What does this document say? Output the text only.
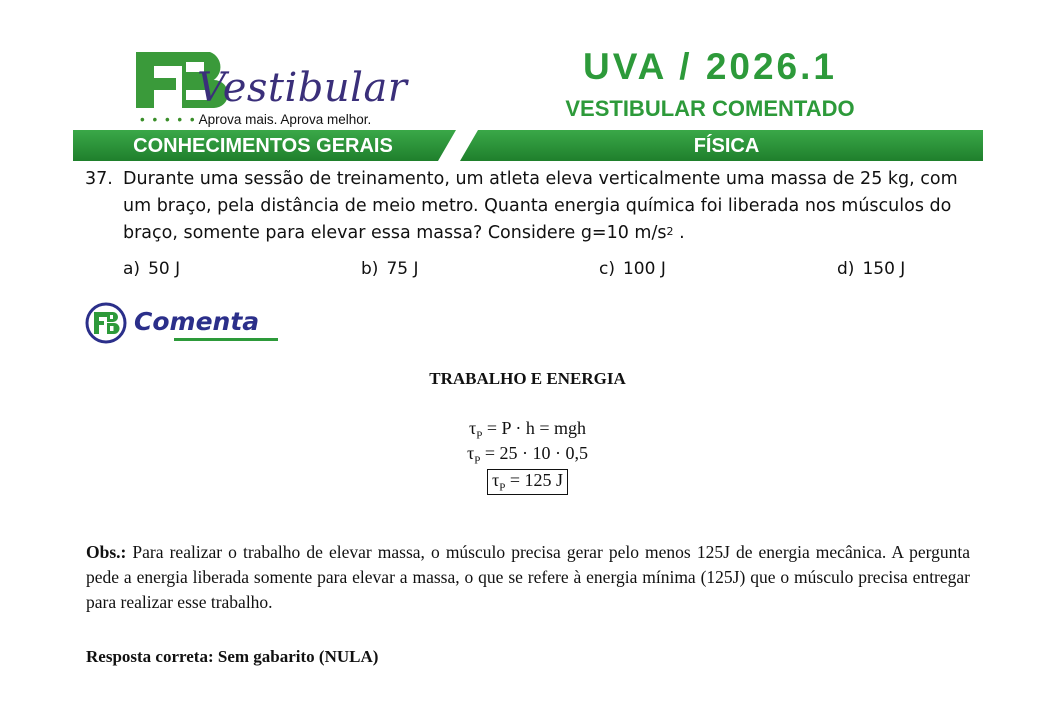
Vestibular
• • • • • Aprova mais. Aprova melhor.
UVA / 2026.1
VESTIBULAR COMENTADO
CONHECIMENTOS GERAIS	FÍSICA
37. Durante uma sessão de treinamento, um atleta eleva verticalmente uma massa de 25 kg, com um braço, pela distância de meio metro. Quanta energia química foi liberada nos músculos do braço, somente para elevar essa massa? Considere g=10 $m/s^2$ .
a) 50 J	b) 75 J	c) 100 J	d) 150 J
Comenta
TRABALHO E ENERGIA
$\tau_P = P \cdot h$ = mgh
$\tau_P = 25 \cdot 10 \cdot 0,5$
$\tau_P = 125$ J
Obs.: Para realizar o trabalho de elevar massa, o músculo precisa gerar pelo menos 125J de energia mecânica. A pergunta pede a energia liberada somente para elevar a massa, o que se refere à energia mínima (125J) que o músculo precisa entregar para realizar esse trabalho.
Resposta correta: Sem gabarito (NULA)
